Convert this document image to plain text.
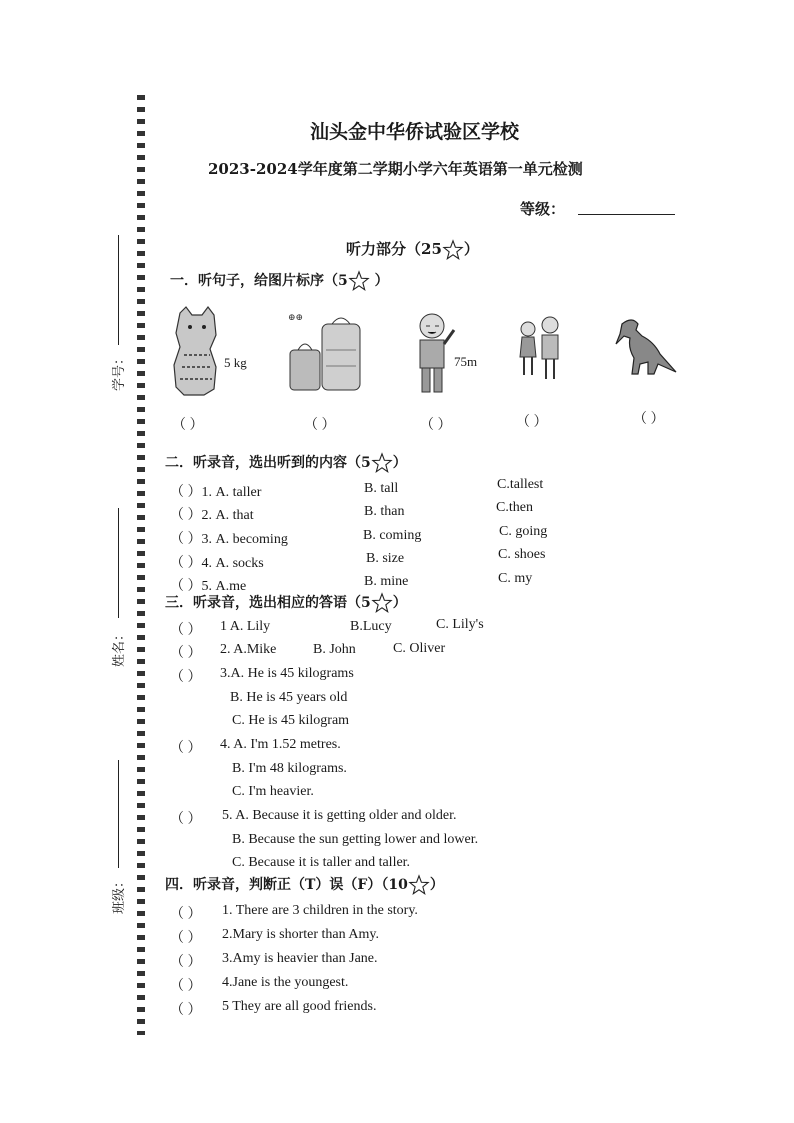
学号：
姓名：
班级：
汕头金中华侨试验区学校
2023-2024学年度第二学期小学六年英语第一单元检测
等级：
听力部分（25 ）
一．听句子，给图片标序（5 ）
5 kg
⊕⊕
75m
（ ）	（ ）	（ ）	（ ）	（ ）
二．听录音，选出听到的内容（5 ）
（ ）1. A. taller	B. tall	C.tallest
（ ）2. A. that	B. than	C.then
（ ）3. A. becoming	B. coming	C. going
（ ）4. A. socks	B. size	C. shoes
（ ）5. A.me	B. mine	C. my
三．听录音，选出相应的答语（5 ）
（ ） 1 A. Lily	B.Lucy	C. Lily's
（ ） 2. A.Mike	B. John	C. Oliver
（ ） 3.A. He is 45 kilograms
B. He is 45 years old
C. He is 45 kilogram
（ ） 4. A. I'm 1.52 metres.
B. I'm 48 kilograms.
C. I'm heavier.
（ ） 5. A. Because it is getting older and older.
B. Because the sun getting lower and lower.
C. Because it is taller and taller.
四．听录音，判断正（T）误（F）（10 ）
（ ） 1. There are 3 children in the story.
（ ） 2.Mary is shorter than Amy.
（ ） 3.Amy is heavier than Jane.
（ ） 4.Jane is the youngest.
（ ） 5 They are all good friends.
